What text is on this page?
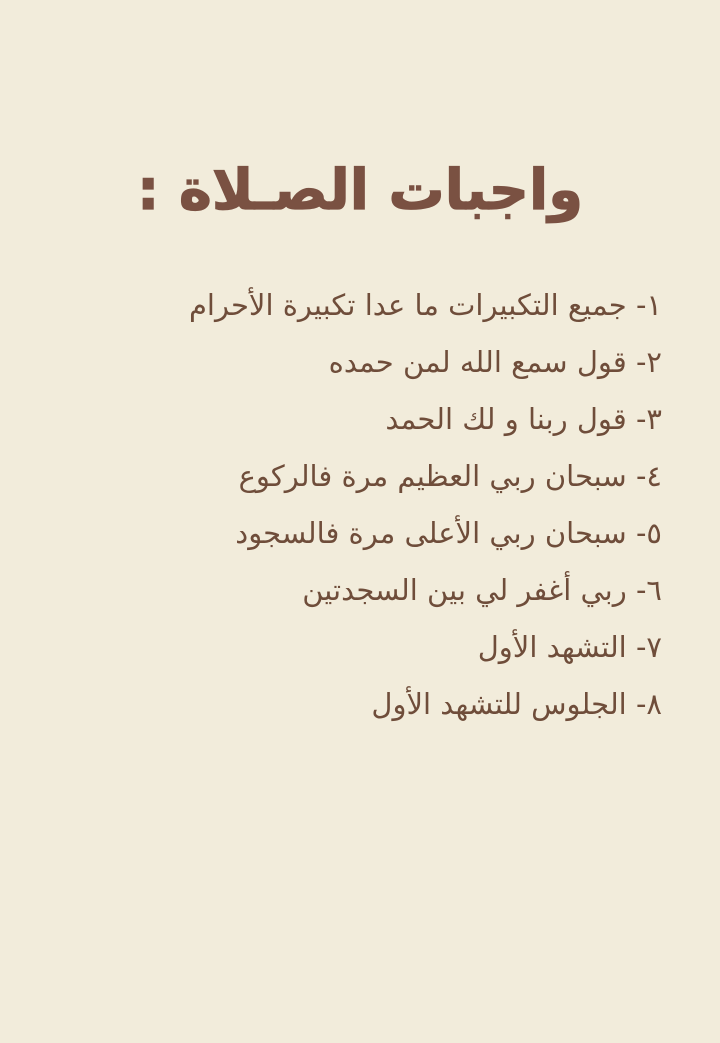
واجبات الصـلاة :
١- جميع التكبيرات ما عدا تكبيرة الأحرام
٢- قول سمع الله لمن حمده
٣- قول ربنا و لك الحمد
٤- سبحان ربي العظيم مرة فالركوع
٥- سبحان ربي الأعلى مرة فالسجود
٦- ربي أغفر لي بين السجدتين
٧- التشهد الأول
٨- الجلوس للتشهد الأول
